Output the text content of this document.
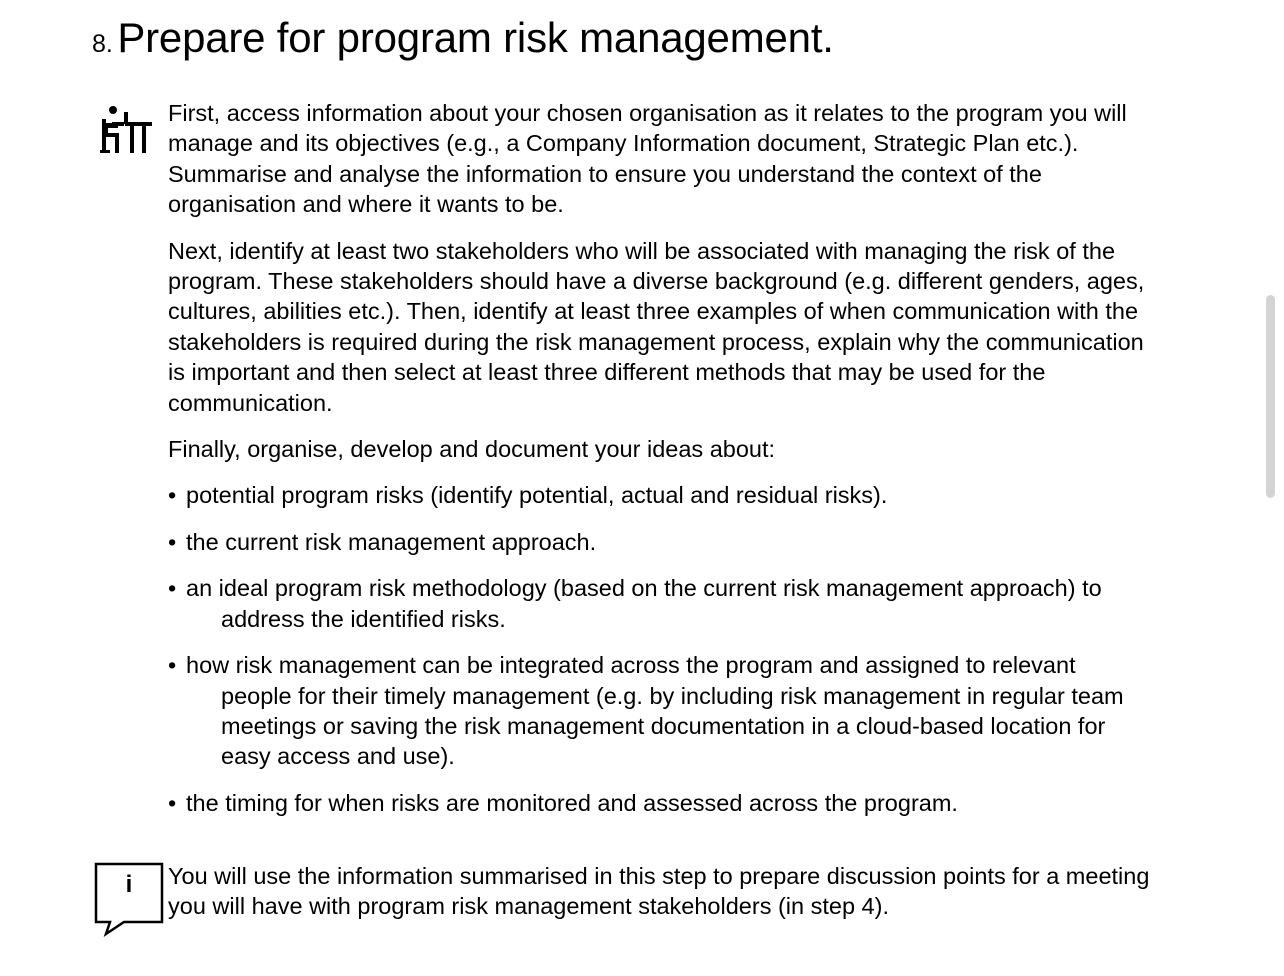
8. Prepare for program risk management.

First, access information about your chosen organisation as it relates to the program you will manage and its objectives (e.g., a Company Information document, Strategic Plan etc.). Summarise and analyse the information to ensure you understand the context of the organisation and where it wants to be.

Next, identify at least two stakeholders who will be associated with managing the risk of the program. These stakeholders should have a diverse background (e.g. different genders, ages, cultures, abilities etc.). Then, identify at least three examples of when communication with the stakeholders is required during the risk management process, explain why the communication is important and then select at least three different methods that may be used for the communication.

Finally, organise, develop and document your ideas about:

• potential program risks (identify potential, actual and residual risks).
• the current risk management approach.
• an ideal program risk methodology (based on the current risk management approach) to address the identified risks.
• how risk management can be integrated across the program and assigned to relevant people for their timely management (e.g. by including risk management in regular team meetings or saving the risk management documentation in a cloud-based location for easy access and use).
• the timing for when risks are monitored and assessed across the program.
i You will use the information summarised in this step to prepare discussion points for a meeting you will have with program risk management stakeholders (in step 4).
